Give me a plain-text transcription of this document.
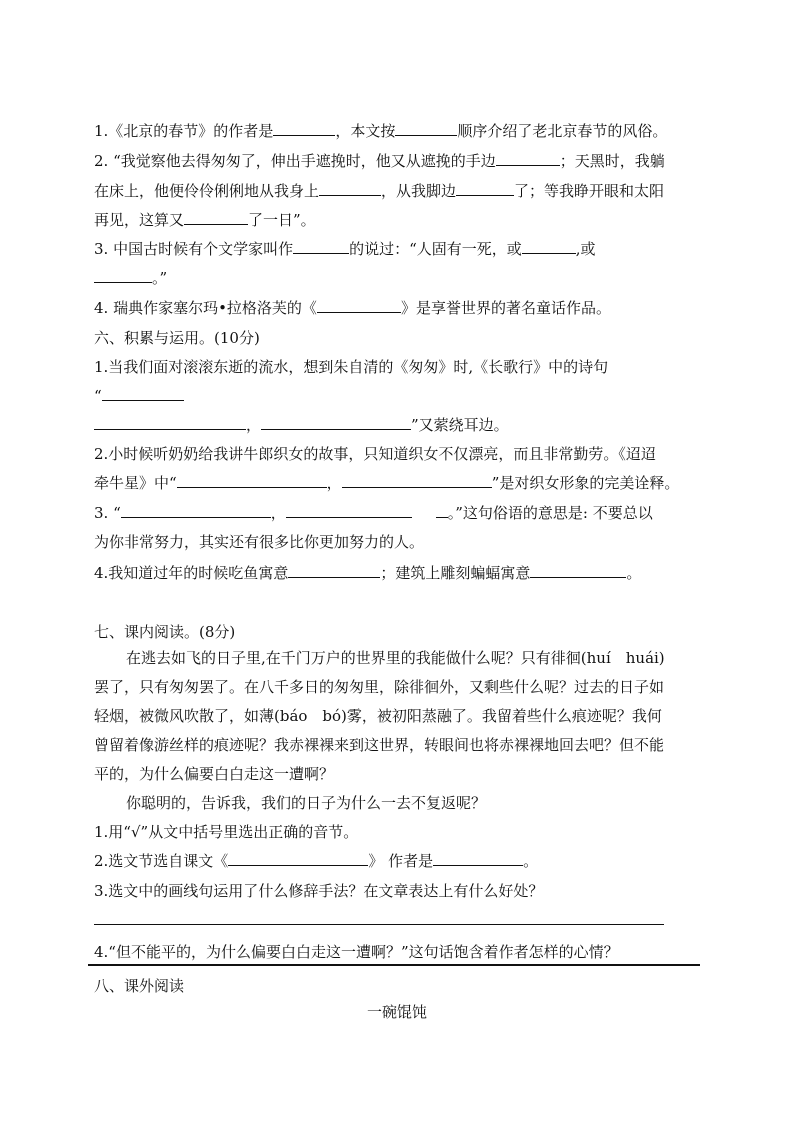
1.《北京的春节》的作者是	，本文按	顺序介绍了老北京春节的风俗。
2. “我觉察他去得匆匆了，伸出手遮挽时，他又从遮挽的手边	；天黑时，我躺
在床上，他便伶伶俐俐地从我身上	，从我脚边	了；等我睁开眼和太阳
再见，这算又	了一日”。
3. 中国古时候有个文学家叫作	的说过：“人固有一死，或	,或
。”
4. 瑞典作家塞尔玛•拉格洛芙的《	》是享誉世界的著名童话作品。
六、积累与运用。(10分)
1.当我们面对滚滚东逝的流水，想到朱自清的《匆匆》时,《长歌行》中的诗句
“
，	”又萦绕耳边。
2.小时候听奶奶给我讲牛郎织女的故事，只知道织女不仅漂亮，而且非常勤劳。《迢迢
牵牛星》中“	，	”是对织女形象的完美诠释。
3. “	，	。”这句俗语的意思是: 不要总以
为你非常努力，其实还有很多比你更加努力的人。
4.我知道过年的时候吃鱼寓意	；建筑上雕刻蝙蝠寓意	。
七、课内阅读。(8分)
在逃去如飞的日子里,在千门万户的世界里的我能做什么呢？只有徘徊(huí　huái)
罢了，只有匆匆罢了。在八千多日的匆匆里，除徘徊外，又剩些什么呢？过去的日子如
轻烟，被微风吹散了，如薄(báo　bó)雾，被初阳蒸融了。我留着些什么痕迹呢？我何
曾留着像游丝样的痕迹呢？我赤裸裸来到这世界，转眼间也将赤裸裸地回去吧？但不能
平的，为什么偏要白白走这一遭啊？
你聪明的，告诉我，我们的日子为什么一去不复返呢？
1.用“√”从文中括号里选出正确的音节。
2.选文节选自课文《	》 作者是	。
3.选文中的画线句运用了什么修辞手法？在文章表达上有什么好处？
4.“但不能平的，为什么偏要白白走这一遭啊？”这句话饱含着作者怎样的心情？
八、课外阅读
一碗馄饨
